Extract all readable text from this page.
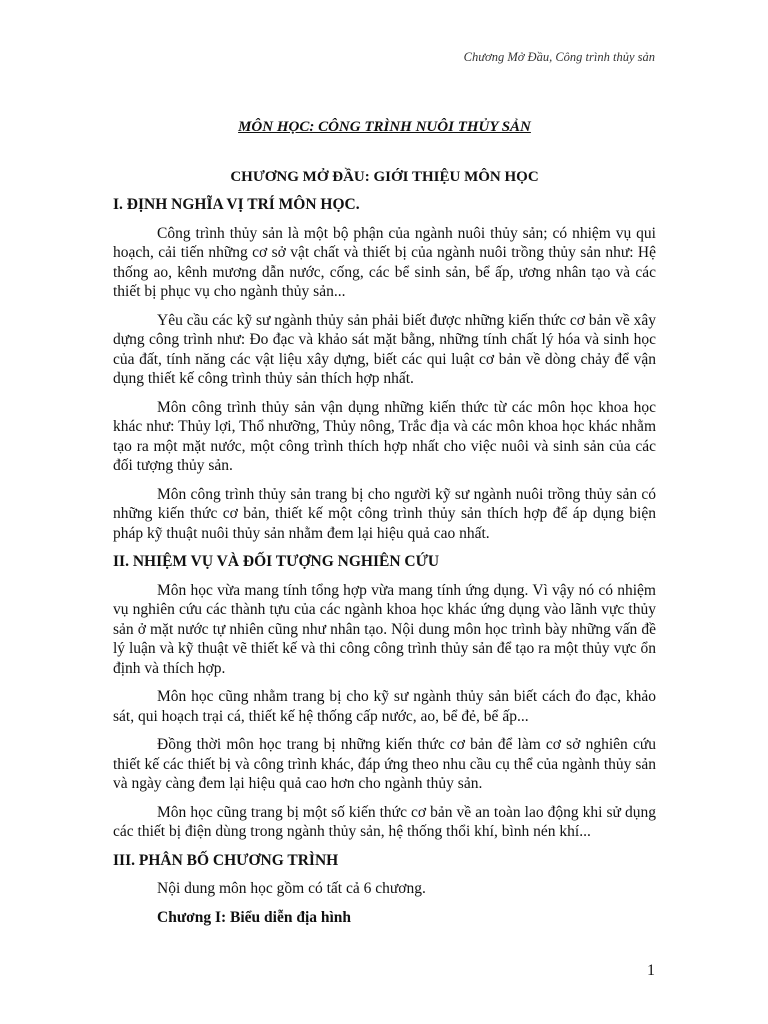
Chương Mở Đầu, Công trình thủy sản
MÔN HỌC: CÔNG TRÌNH NUÔI THỦY SẢN
CHƯƠNG MỞ ĐẦU: GIỚI THIỆU MÔN HỌC
I. ĐỊNH NGHĨA VỊ TRÍ MÔN HỌC.

Công trình thủy sản là một bộ phận của ngành nuôi thủy sản; có nhiệm vụ qui hoạch, cải tiến những cơ sở vật chất và thiết bị của ngành nuôi trồng thủy sản như: Hệ thống ao, kênh mương dẫn nước, cống, các bể sinh sản, bể ấp, ương nhân tạo và các thiết bị phục vụ cho ngành thủy sản...

Yêu cầu các kỹ sư ngành thủy sản phải biết được những kiến thức cơ bản về xây dựng công trình như: Đo đạc và khảo sát mặt bằng, những tính chất lý hóa và sinh học của đất, tính năng các vật liệu xây dựng, biết các qui luật cơ bản về dòng chảy để vận dụng thiết kế công trình thủy sản thích hợp nhất.

Môn công trình thủy sản vận dụng những kiến thức từ các môn học khoa học khác như: Thủy lợi, Thổ nhưỡng, Thủy nông, Trắc địa và các môn khoa học khác nhằm tạo ra một mặt nước, một công trình thích hợp nhất cho việc nuôi và sinh sản của các đối tượng thủy sản.

Môn công trình thủy sản trang bị cho người kỹ sư ngành nuôi trồng thủy sản có những kiến thức cơ bản, thiết kế một công trình thủy sản thích hợp để áp dụng biện pháp kỹ thuật nuôi thủy sản nhằm đem lại hiệu quả cao nhất.

II. NHIỆM VỤ VÀ ĐỐI TƯỢNG NGHIÊN CỨU

Môn học vừa mang tính tổng hợp vừa mang tính ứng dụng. Vì vậy nó có nhiệm vụ nghiên cứu các thành tựu của các ngành khoa học khác ứng dụng vào lãnh vực thủy sản ở mặt nước tự nhiên cũng như nhân tạo. Nội dung môn học trình bày những vấn đề lý luận và kỹ thuật vẽ thiết kế và thi công công trình thủy sản để tạo ra một thủy vực ổn định và thích hợp.

Môn học cũng nhằm trang bị cho kỹ sư ngành thủy sản biết cách đo đạc, khảo sát, qui hoạch trại cá, thiết kế hệ thống cấp nước, ao, bể đẻ, bể ấp...

Đồng thời môn học trang bị những kiến thức cơ bản để làm cơ sở nghiên cứu thiết kế các thiết bị và công trình khác, đáp ứng theo nhu cầu cụ thể của ngành thủy sản và ngày càng đem lại hiệu quả cao hơn cho ngành thủy sản.

Môn học cũng trang bị một số kiến thức cơ bản về an toàn lao động khi sử dụng các thiết bị điện dùng trong ngành thủy sản, hệ thống thổi khí, bình nén khí...

III. PHÂN BỐ CHƯƠNG TRÌNH

Nội dung môn học gồm có tất cả 6 chương.

Chương I: Biểu diễn địa hình

1
